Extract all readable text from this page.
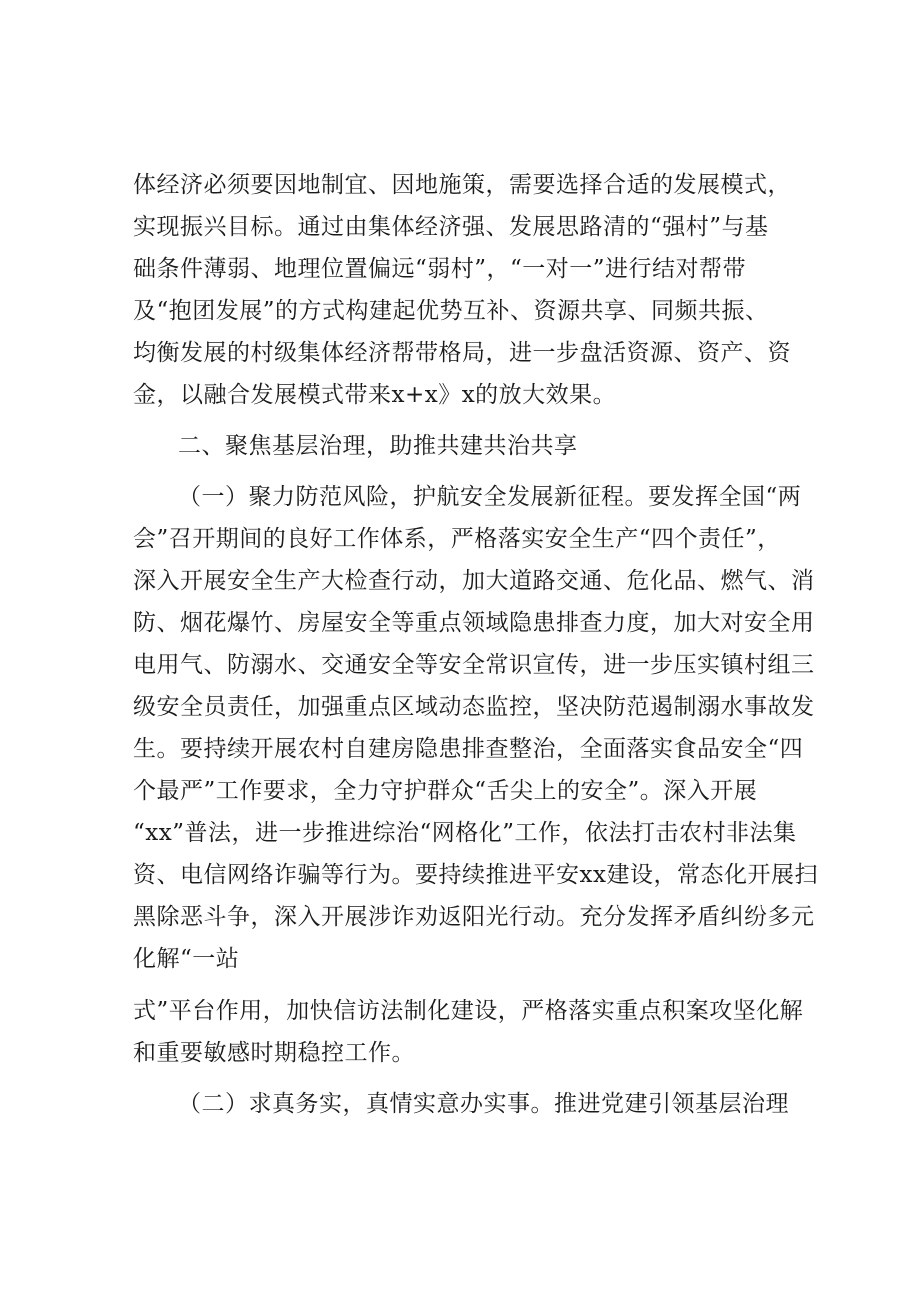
体经济必须要因地制宜、因地施策，需要选择合适的发展模式，
实现振兴目标。通过由集体经济强、发展思路清的“强村”与基
础条件薄弱、地理位置偏远“弱村”，“一对一”进行结对帮带
及“抱团发展”的方式构建起优势互补、资源共享、同频共振、
均衡发展的村级集体经济帮带格局，进一步盘活资源、资产、资
金，以融合发展模式带来x+x》x的放大效果。
二、聚焦基层治理，助推共建共治共享
（一）聚力防范风险，护航安全发展新征程。要发挥全国“两
会”召开期间的良好工作体系，严格落实安全生产“四个责任”，
深入开展安全生产大检查行动，加大道路交通、危化品、燃气、消
防、烟花爆竹、房屋安全等重点领域隐患排查力度，加大对安全用
电用气、防溺水、交通安全等安全常识宣传，进一步压实镇村组三
级安全员责任，加强重点区域动态监控，坚决防范遏制溺水事故发
生。要持续开展农村自建房隐患排查整治，全面落实食品安全“四
个最严”工作要求，全力守护群众“舌尖上的安全”。深入开展
“xx”普法，进一步推进综治“网格化”工作，依法打击农村非法集
资、电信网络诈骗等行为。要持续推进平安xx建设，常态化开展扫
黑除恶斗争，深入开展涉诈劝返阳光行动。充分发挥矛盾纠纷多元
化解“一站
式”平台作用，加快信访法制化建设，严格落实重点积案攻坚化解
和重要敏感时期稳控工作。
（二）求真务实，真情实意办实事。推进党建引领基层治理
